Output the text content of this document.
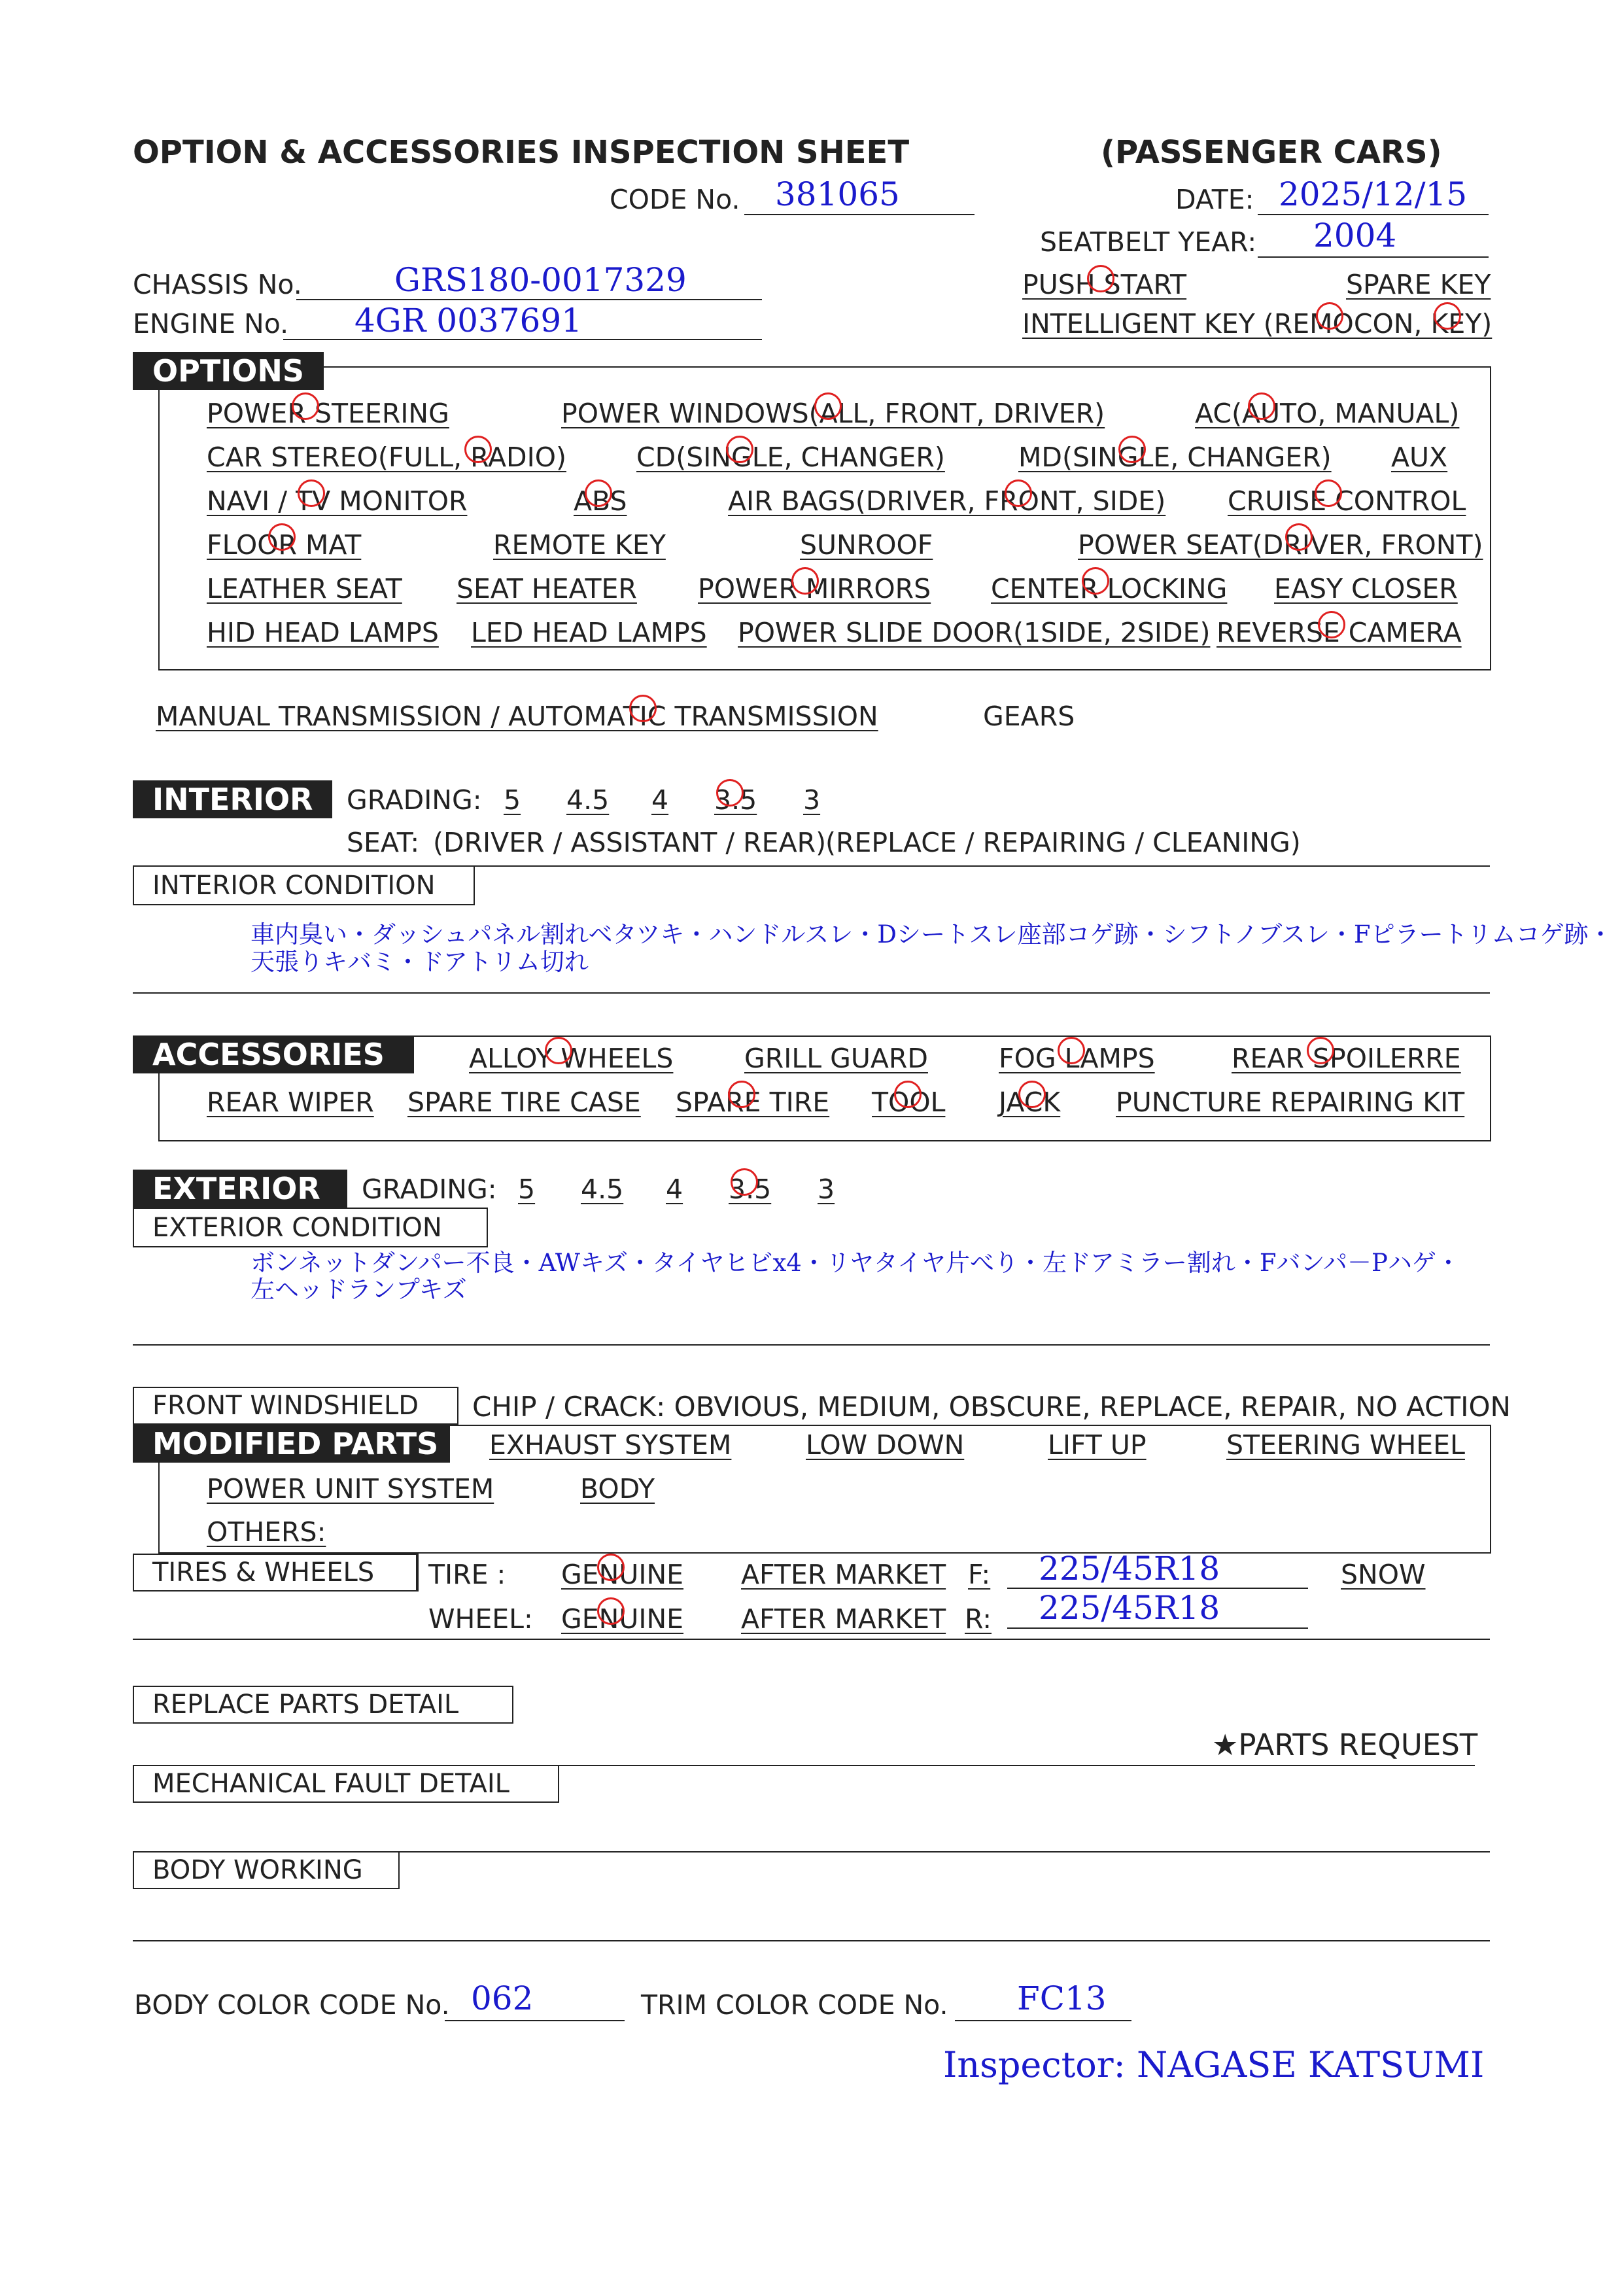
OPTION & ACCESSORIES INSPECTION SHEET	(PASSENGER CARS)
CODE No. 381065	DATE: 2025/12/15
SEATBELT YEAR: 2004
CHASSIS No.	GRS180-0017329
ENGINE No. 4GR 0037691
PUSH START	SPARE KEY
INTELLIGENT KEY (REMOCON, KEY)
OPTIONS
POWER STEERING	POWER WINDOWS(ALL, FRONT, DRIVER)	AC(AUTO, MANUAL)
CAR STEREO(FULL, RADIO)	CD(SINGLE, CHANGER)	MD(SINGLE, CHANGER) AUX
NAVI / TV MONITOR	ABS	AIR BAGS(DRIVER, FRONT, SIDE) CRUISE CONTROL
FLOOR MAT	REMOTE KEY	SUNROOF	POWER SEAT(DRIVER, FRONT)
LEATHER SEAT SEAT HEATER POWER MIRRORS CENTER LOCKING EASY CLOSER
HID HEAD LAMPS LED HEAD LAMPS POWER SLIDE DOOR(1SIDE, 2SIDE) REVERSE CAMERA
MANUAL TRANSMISSION / AUTOMATIC TRANSMISSION	GEARS
INTERIOR	GRADING: 5 4.5 4 3.5 3
SEAT: (DRIVER / ASSISTANT / REAR)
(REPLACE / REPAIRING / CLEANING)
INTERIOR CONDITION
車内臭い・ダッシュパネル割れベタツキ・ハンドルスレ・Dシートスレ座部コゲ跡・シフトノブスレ・Fピラートリムコゲ跡・
天張りキバミ・ドアトリム切れ
ACCESSORIES	ALLOY WHEELS	GRILL GUARD	FOG LAMPS	REAR SPOILERRE
REAR WIPER SPARE TIRE CASE SPARE TIRE TOOL JACK PUNCTURE REPAIRING KIT
EXTERIOR	GRADING: 5 4.5 4 3.5 3
EXTERIOR CONDITION
ボンネットダンパー不良・AWキズ・タイヤヒビx4・リヤタイヤ片べり・左ドアミラー割れ・Fバンパ－Pハゲ・
左ヘッドランプキズ
FRONT WINDSHIELD	CHIP / CRACK: OBVIOUS, MEDIUM, OBSCURE, REPLACE, REPAIR, NO ACTION
MODIFIED PARTS	EXHAUST SYSTEM	LOW DOWN	LIFT UP	STEERING WHEEL
POWER UNIT SYSTEM	BODY
OTHERS:
TIRES & WHEELS	TIRE : GENUINE AFTER MARKET F: 225/45R18	SNOW
WHEEL: GENUINE AFTER MARKET R: 225/45R18
REPLACE PARTS DETAIL
★PARTS REQUEST
MECHANICAL FAULT DETAIL
BODY WORKING
BODY COLOR CODE No. 062	TRIM COLOR CODE No. FC13
Inspector: NAGASE KATSUMI
